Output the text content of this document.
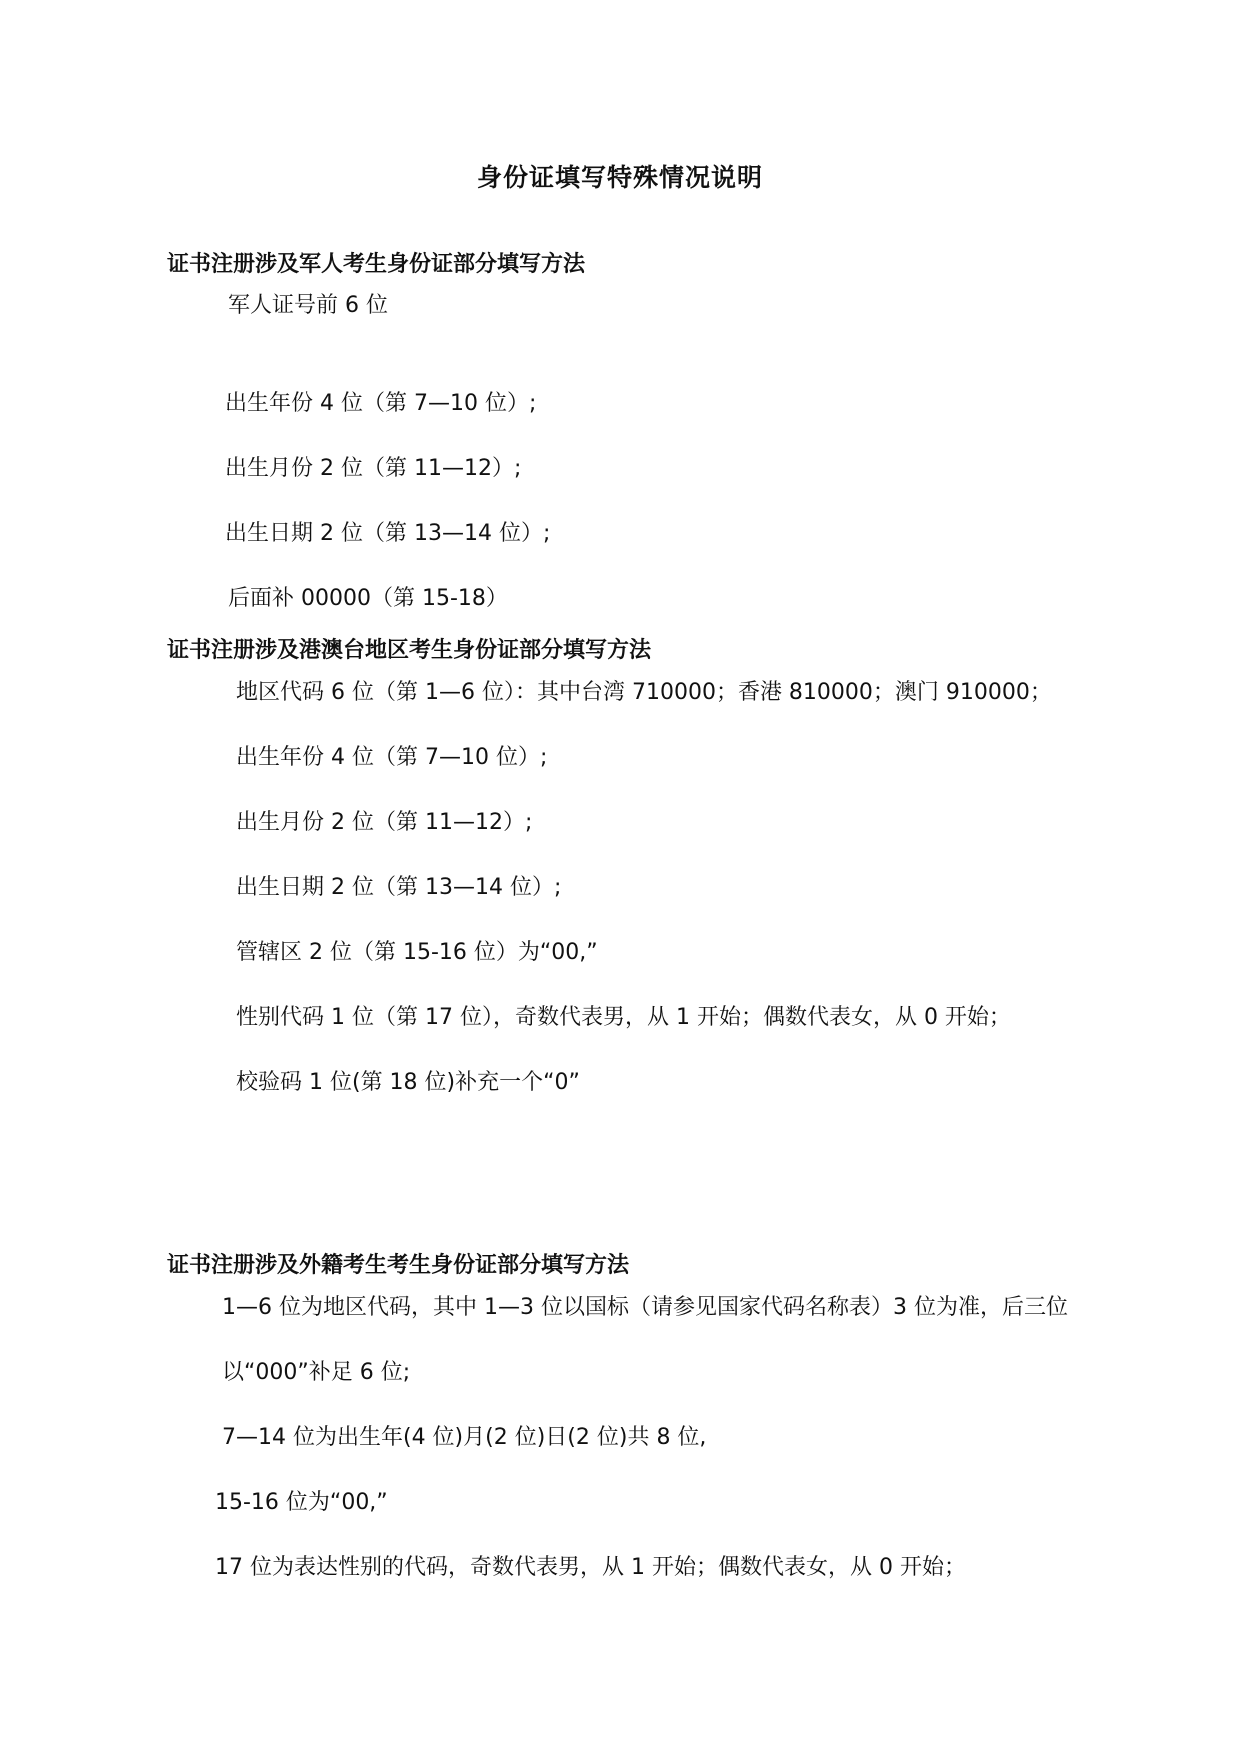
身份证填写特殊情况说明
证书注册涉及军人考生身份证部分填写方法
军人证号前 6 位
出生年份 4 位（第 7—10 位）;
出生月份 2 位（第 11—12）;
出生日期 2 位（第 13—14 位）;
后面补 00000（第 15-18）
证书注册涉及港澳台地区考生身份证部分填写方法
地区代码 6 位（第 1—6 位）：其中台湾 710000；香港 810000；澳门 910000；
出生年份 4 位（第 7—10 位）;
出生月份 2 位（第 11—12）;
出生日期 2 位（第 13—14 位）;
管辖区 2 位（第 15-16 位）为“00,”
性别代码 1 位（第 17 位），奇数代表男，从 1 开始；偶数代表女，从 0 开始；
校验码 1 位(第 18 位)补充一个“0”
证书注册涉及外籍考生考生身份证部分填写方法
1—6 位为地区代码，其中 1—3 位以国标（请参见国家代码名称表）3 位为准，后三位
以“000”补足 6 位;
7—14 位为出生年(4 位)月(2 位)日(2 位)共 8 位,
15-16 位为“00,”
17 位为表达性别的代码，奇数代表男，从 1 开始；偶数代表女，从 0 开始；
